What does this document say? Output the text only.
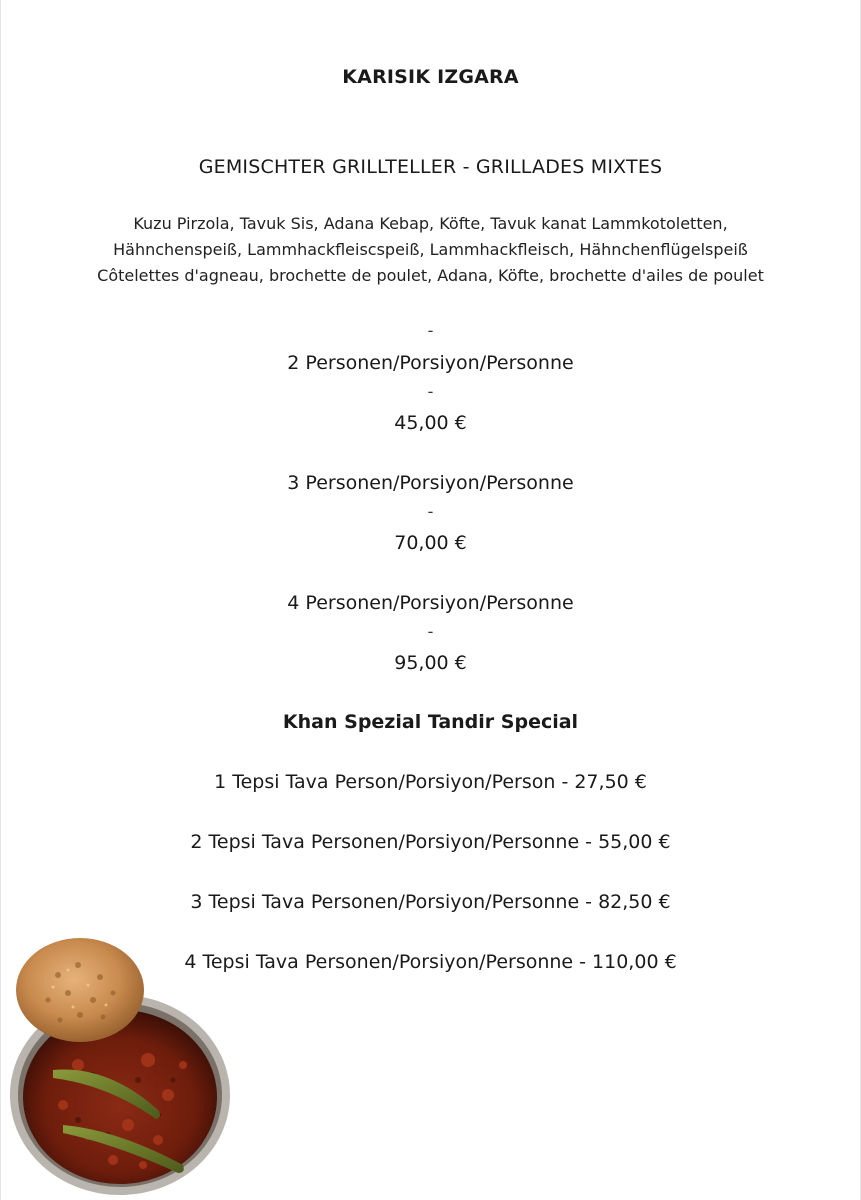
KARISIK IZGARA
GEMISCHTER GRILLTELLER - GRILLADES MIXTES
Kuzu Pirzola, Tavuk Sis, Adana Kebap, Köfte, Tavuk kanat Lammkotoletten,
Hähnchenspeiß, Lammhackfleiscspeiß, Lammhackfleisch, Hähnchenflügelspeiß
Côtelettes d'agneau, brochette de poulet, Adana, Köfte, brochette d'ailes de poulet
-
2 Personen/Porsiyon/Personne
-
45,00 €
3 Personen/Porsiyon/Personne
-
70,00 €
4 Personen/Porsiyon/Personne
-
95,00 €
Khan Spezial Tandir Special
1 Tepsi Tava Person/Porsiyon/Person - 27,50 €
2 Tepsi Tava Personen/Porsiyon/Personne - 55,00 €
3 Tepsi Tava Personen/Porsiyon/Personne - 82,50 €
4 Tepsi Tava Personen/Porsiyon/Personne - 110,00 €
